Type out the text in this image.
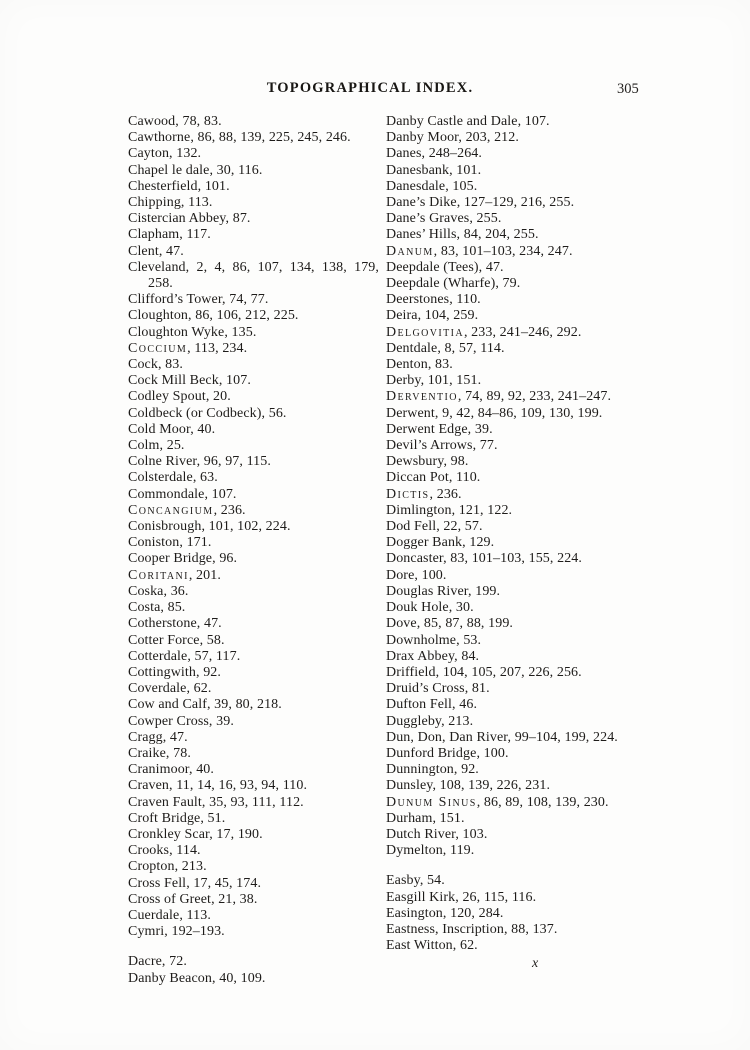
TOPOGRAPHICAL INDEX.	305
Cawood, 78, 83.
Cawthorne, 86, 88, 139, 225, 245, 246.
Cayton, 132.
Chapel le dale, 30, 116.
Chesterfield, 101.
Chipping, 113.
Cistercian Abbey, 87.
Clapham, 117.
Clent, 47.
Cleveland, 2, 4, 86, 107, 134, 138, 179, 258.
Clifford’s Tower, 74, 77.
Cloughton, 86, 106, 212, 225.
Cloughton Wyke, 135.
Coccium, 113, 234.
Cock, 83.
Cock Mill Beck, 107.
Codley Spout, 20.
Coldbeck (or Codbeck), 56.
Cold Moor, 40.
Colm, 25.
Colne River, 96, 97, 115.
Colsterdale, 63.
Commondale, 107.
Concangium, 236.
Conisbrough, 101, 102, 224.
Coniston, 171.
Cooper Bridge, 96.
Coritani, 201.
Coska, 36.
Costa, 85.
Cotherstone, 47.
Cotter Force, 58.
Cotterdale, 57, 117.
Cottingwith, 92.
Coverdale, 62.
Cow and Calf, 39, 80, 218.
Cowper Cross, 39.
Cragg, 47.
Craike, 78.
Cranimoor, 40.
Craven, 11, 14, 16, 93, 94, 110.
Craven Fault, 35, 93, 111, 112.
Croft Bridge, 51.
Cronkley Scar, 17, 190.
Crooks, 114.
Cropton, 213.
Cross Fell, 17, 45, 174.
Cross of Greet, 21, 38.
Cuerdale, 113.
Cymri, 192–193.
Dacre, 72.
Danby Beacon, 40, 109.
Danby Castle and Dale, 107.
Danby Moor, 203, 212.
Danes, 248–264.
Danesbank, 101.
Danesdale, 105.
Dane’s Dike, 127–129, 216, 255.
Dane’s Graves, 255.
Danes’ Hills, 84, 204, 255.
Danum, 83, 101–103, 234, 247.
Deepdale (Tees), 47.
Deepdale (Wharfe), 79.
Deerstones, 110.
Deira, 104, 259.
Delgovitia, 233, 241–246, 292.
Dentdale, 8, 57, 114.
Denton, 83.
Derby, 101, 151.
Derventio, 74, 89, 92, 233, 241–247.
Derwent, 9, 42, 84–86, 109, 130, 199.
Derwent Edge, 39.
Devil’s Arrows, 77.
Dewsbury, 98.
Diccan Pot, 110.
Dictis, 236.
Dimlington, 121, 122.
Dod Fell, 22, 57.
Dogger Bank, 129.
Doncaster, 83, 101–103, 155, 224.
Dore, 100.
Douglas River, 199.
Douk Hole, 30.
Dove, 85, 87, 88, 199.
Downholme, 53.
Drax Abbey, 84.
Driffield, 104, 105, 207, 226, 256.
Druid’s Cross, 81.
Dufton Fell, 46.
Duggleby, 213.
Dun, Don, Dan River, 99–104, 199, 224.
Dunford Bridge, 100.
Dunnington, 92.
Dunsley, 108, 139, 226, 231.
Dunum Sinus, 86, 89, 108, 139, 230.
Durham, 151.
Dutch River, 103.
Dymelton, 119.
Easby, 54.
Easgill Kirk, 26, 115, 116.
Easington, 120, 284.
Eastness, Inscription, 88, 137.
East Witton, 62.
x
